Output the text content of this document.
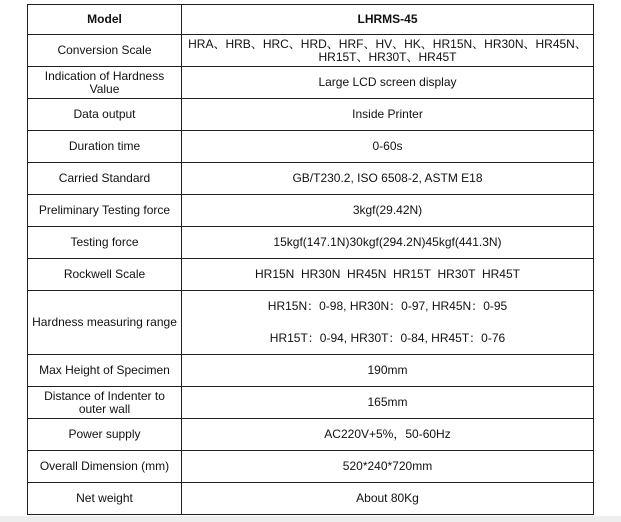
Model	LHRMS-45
Conversion Scale	HRA、HRB、HRC、HRD、HRF、HV、HK、HR15N、HR30N、HR45N、
HR15T、HR30T、HR45T

Indication of Hardness Value	Large LCD screen display
Data output	Inside Printer
Duration time	0-60s
Carried Standard	GB/T230.2, ISO 6508-2, ASTM E18
Preliminary Testing force	3kgf(29.42N)
Testing force	15kgf(147.1N)30kgf(294.2N)45kgf(441.3N)
Rockwell Scale	HR15N  HR30N  HR45N  HR15T  HR30T  HR45T
Hardness measuring range	HR15N：0-98, HR30N：0-97, HR45N：0-95
	HR15T：0-94, HR30T：0-84, HR45T：0-76
Max Height of Specimen	190mm
Distance of Indenter to outer wall	165mm
Power supply	AC220V+5%，50-60Hz
Overall Dimension (mm)	520*240*720mm
Net weight	About 80Kg
